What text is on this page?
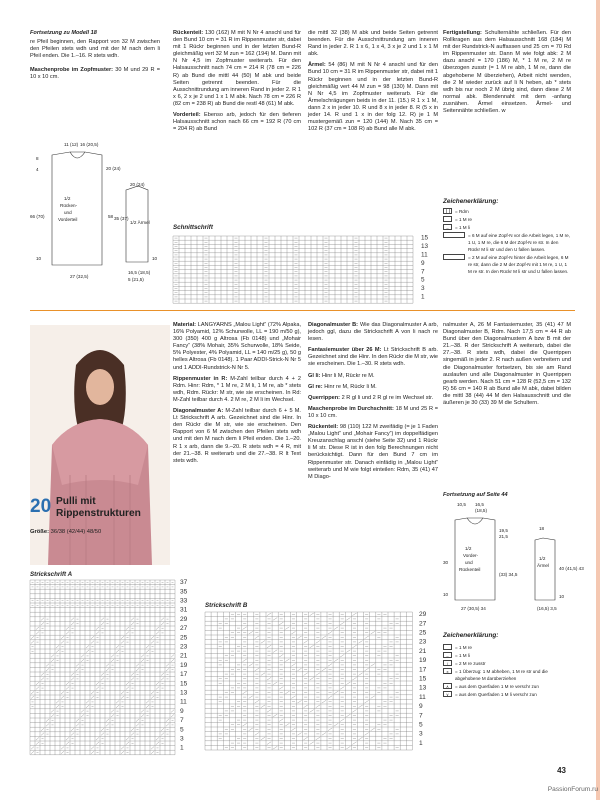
Fortsetzung zu Modell 18

re Pfeil beginnen, den Rapport von 32 M zwischen den Pfeilen stets wdh und mit der M nach dem li Pfeil enden. Die 1.–16. R stets wdh.

Maschenprobe im Zopfmuster: 30 M und 29 R = 10 x 10 cm.

11 (12) 16 (20,5)
8
4	20 (24)
1/2
Rücken-
und
Vorderteil
66 (70)	58
10
27 (32,5)
20 (24)
35 (37)
1/2 Ärmel
10
16,5 (18,5)
5 (21,5)

Rückenteil: 130 (162) M mit N Nr 4 anschl und für den Bund 10 cm = 31 R im Rippenmuster str, dabei mit 1 Rückr beginnen und in der letzten Bund-R gleichmäßig vert 32 M zun = 162 (194) M. Dann mit N Nr 4,5 im Zopfmuster weiterarb. Für den Halsausschnitt nach 74 cm = 214 R (78 cm = 226 R) ab Bund die mittl 44 (50) M abk und beide Seiten getrennt beenden. Für die Ausschnittrundung am inneren Rand in jeder 2. R 1 x 6, 2 x je 2 und 1 x 1 M abk. Nach 78 cm = 226 R (82 cm = 238 R) ab Bund die restl 48 (61) M abk.

Vorderteil: Ebenso arb, jedoch für den tieferen Halsausschnitt schon nach 66 cm = 192 R (70 cm = 204 R) ab Bund

die mittl 32 (38) M abk und beide Seiten getrennt beenden. Für die Ausschnittrundung am inneren Rand in jeder 2. R 1 x 6, 1 x 4, 3 x je 2 und 1 x 1 M abk.

Ärmel: 54 (86) M mit N Nr 4 anschl und für den Bund 10 cm = 31 R im Rippenmuster str, dabei mit 1 Rückr beginnen und in der letzten Bund-R gleichmäßig vert 44 M zun = 98 (130) M. Dann mit N Nr 4,5 im Zopfmuster weiterarb. Für die Ärmelschrägungen beids in der 11. (15.) R 1 x 1 M, dann 2 x in jeder 10. R und 8 x in jeder 8. R (5 x in jeder 14. R und 1 x in der folg 12. R) je 1 M mustergemäß zun = 120 (144) M. Nach 35 cm = 102 R (37 cm = 108 R) ab Bund alle M abk.

Fertigstellung: Schulternähte schließen. Für den Rollkragen aus dem Halsausschnitt 168 (184) M mit der Rundstrick-N auffassen und 25 cm = 70 Rd im Rippenmuster str. Dann M wie folgt abk: 2 M dazu anschl = 170 (186) M, * 1 M re, 2 M re überzogen zusstr (= 1 M re abh, 1 M re, dann die abgehobene M überziehen), Arbeit nicht wenden, die 2 M wieder zurück auf li N heben, ab * stets wdh bis nur noch 2 M übrig sind, dann diese 2 M normal abk. Blendennaht mit dem -anfang zusnähen. Ärmel einsetzen. Ärmel- und Seitennähte schließen. w

Zeichenerklärung:
= Rdm
= 1 M re
–	= 1 M li
= 6 M auf eine Zopf-N vor die Arbeit legen, 1 M re, 1 U, 1 M re, die 6 M der Zopf-N re str. In den Rückr M li str und den U fallen lassen.
= 2 M auf eine Zopf-N hinter die Arbeit legen, 6 M re str, dann die 2 M der Zopf-N mit 1 M re, 1 U, 1 M re str. In den Rückr M li str und U fallen lassen.
Schnittschrift
15
13
11
9
7
5
3
1
20 Pulli mit
Rippenstrukturen
Größe: 36/38 (42/44) 48/50

Material: LANGYARNS „Malou Light“ (72% Alpaka, 16% Polyamid, 12% Schurwolle, LL = 190 m/50 g), 300 (350) 400 g Altrosa (Fb 0148) und „Mohair Fancy“ (38% Mohair, 35% Schurwolle, 18% Seide, 5% Polyester, 4% Polyamid, LL = 140 m/25 g), 50 g helles Altrosa (Fb 0148). 1 Paar ADDI-Strick-N Nr 5 und 1 ADDI-Rundstrick-N Nr 5.

Rippenmuster in R: M-Zahl teilbar durch 4 + 2 Rdm. Hinr: Rdm, * 1 M re, 2 M li, 1 M re, ab * stets wdh, Rdm. Rückr: M str, wie sie erscheinen. In Rd: M-Zahl teilbar durch 4. 2 M re, 2 M li im Wechsel.

Diagonalmuster A: M-Zahl teilbar durch 6 + 5 M. Lt Strickschrift A arb. Gezeichnet sind die Hinr. In den Rückr die M str, wie sie erscheinen. Den Rapport von 6 M zwischen den Pfeilen stets wdh und mit den M nach dem li Pfeil enden. Die 1.–20. R 1 x arb, dann die 9.–20. R stets wdh = 4 R, mit der 21.–38. R weiterarb und die 27.–38. R lt Text stets wdh.

Diagonalmuster B: Wie das Diagonalmuster A arb, jedoch ggl, dazu die Strickschrift A von li nach re lesen.

Fantasiemuster über 26 M: Lt Strickschrift B arb. Gezeichnet sind die Hinr. In den Rückr die M str, wie sie erscheinen. Die 1.–30. R stets wdh.

Gl li: Hinr li M, Rückr re M.

Gl re: Hinr re M, Rückr li M.

Querrippen: 2 R gl li und 2 R gl re im Wechsel str.

Maschenprobe im Durchschnitt: 18 M und 25 R = 10 x 10 cm.

Rückenteil: 98 (110) 122 M zweifädig (= je 1 Faden „Malou Light“ und „Mohair Fancy“) im doppelfädigen Kreuzanschlag anschl (siehe Seite 32) und 1 Rückr li M str. Diese R ist in den folg Berechnungen nicht berücksichtigt. Dann für den Bund 7 cm im Rippenmuster str. Danach einfädig in „Malou Light“ weiterarb und M wie folgt einteilen: Rdm, 35 (41) 47 M Diago-

nalmuster A, 26 M Fantasiemuster, 35 (41) 47 M Diagonalmuster B, Rdm. Nach 17,5 cm = 44 R ab Bund über den Diagonalmustern A bzw B mit der 21.–38. R der Strickschrift A weiterarb, dabei die 27.–38. R stets wdh, dabei die Querrippen singemäß in jeder 2. R nach außen verbreitern und die Diagonalmuster fortsetzen, bis sie am Rand auslaufen und alle Diagonalmuster in Querrippen gearb werden. Nach 51 cm = 128 R (52,5 cm = 132 R) 56 cm = 140 R ab Bund alle M abk, dabei bilden die mittl 38 (44) 44 M den Halsausschnitt und die äußeren je 30 (33) 39 M die Schultern.

Fortsetzung auf Seite 44
10,5 16,5
(18,5)
19,5
21,5
1/2
Vorder-
und
Rückenteil
30
(33) 34,5
10
27 (30,5) 34
18
1/2
Ärmel
40 (41,5) 43
10
(16,5) 3,5
Zeichenerklärung:
= 1 M re
–	= 1 M li
/	= 2 M re zusstr
x	= 1 Überzug: 1 M abheben, 1 M re str und die abgehobene M darüberziehen
∧	= aus dem Querfaden 1 M re verschr zun
∨	= aus dem Querfaden 1 M li verschr zun
Strickschrift A
37
35
33
31
29
27
25
23
21
19
17
15
13
11
9
7
5
3
1
Strickschrift B
29
27
25
23
21
19
17
15
13
11
9
7
5
3
1
43
PassionForum.ru
